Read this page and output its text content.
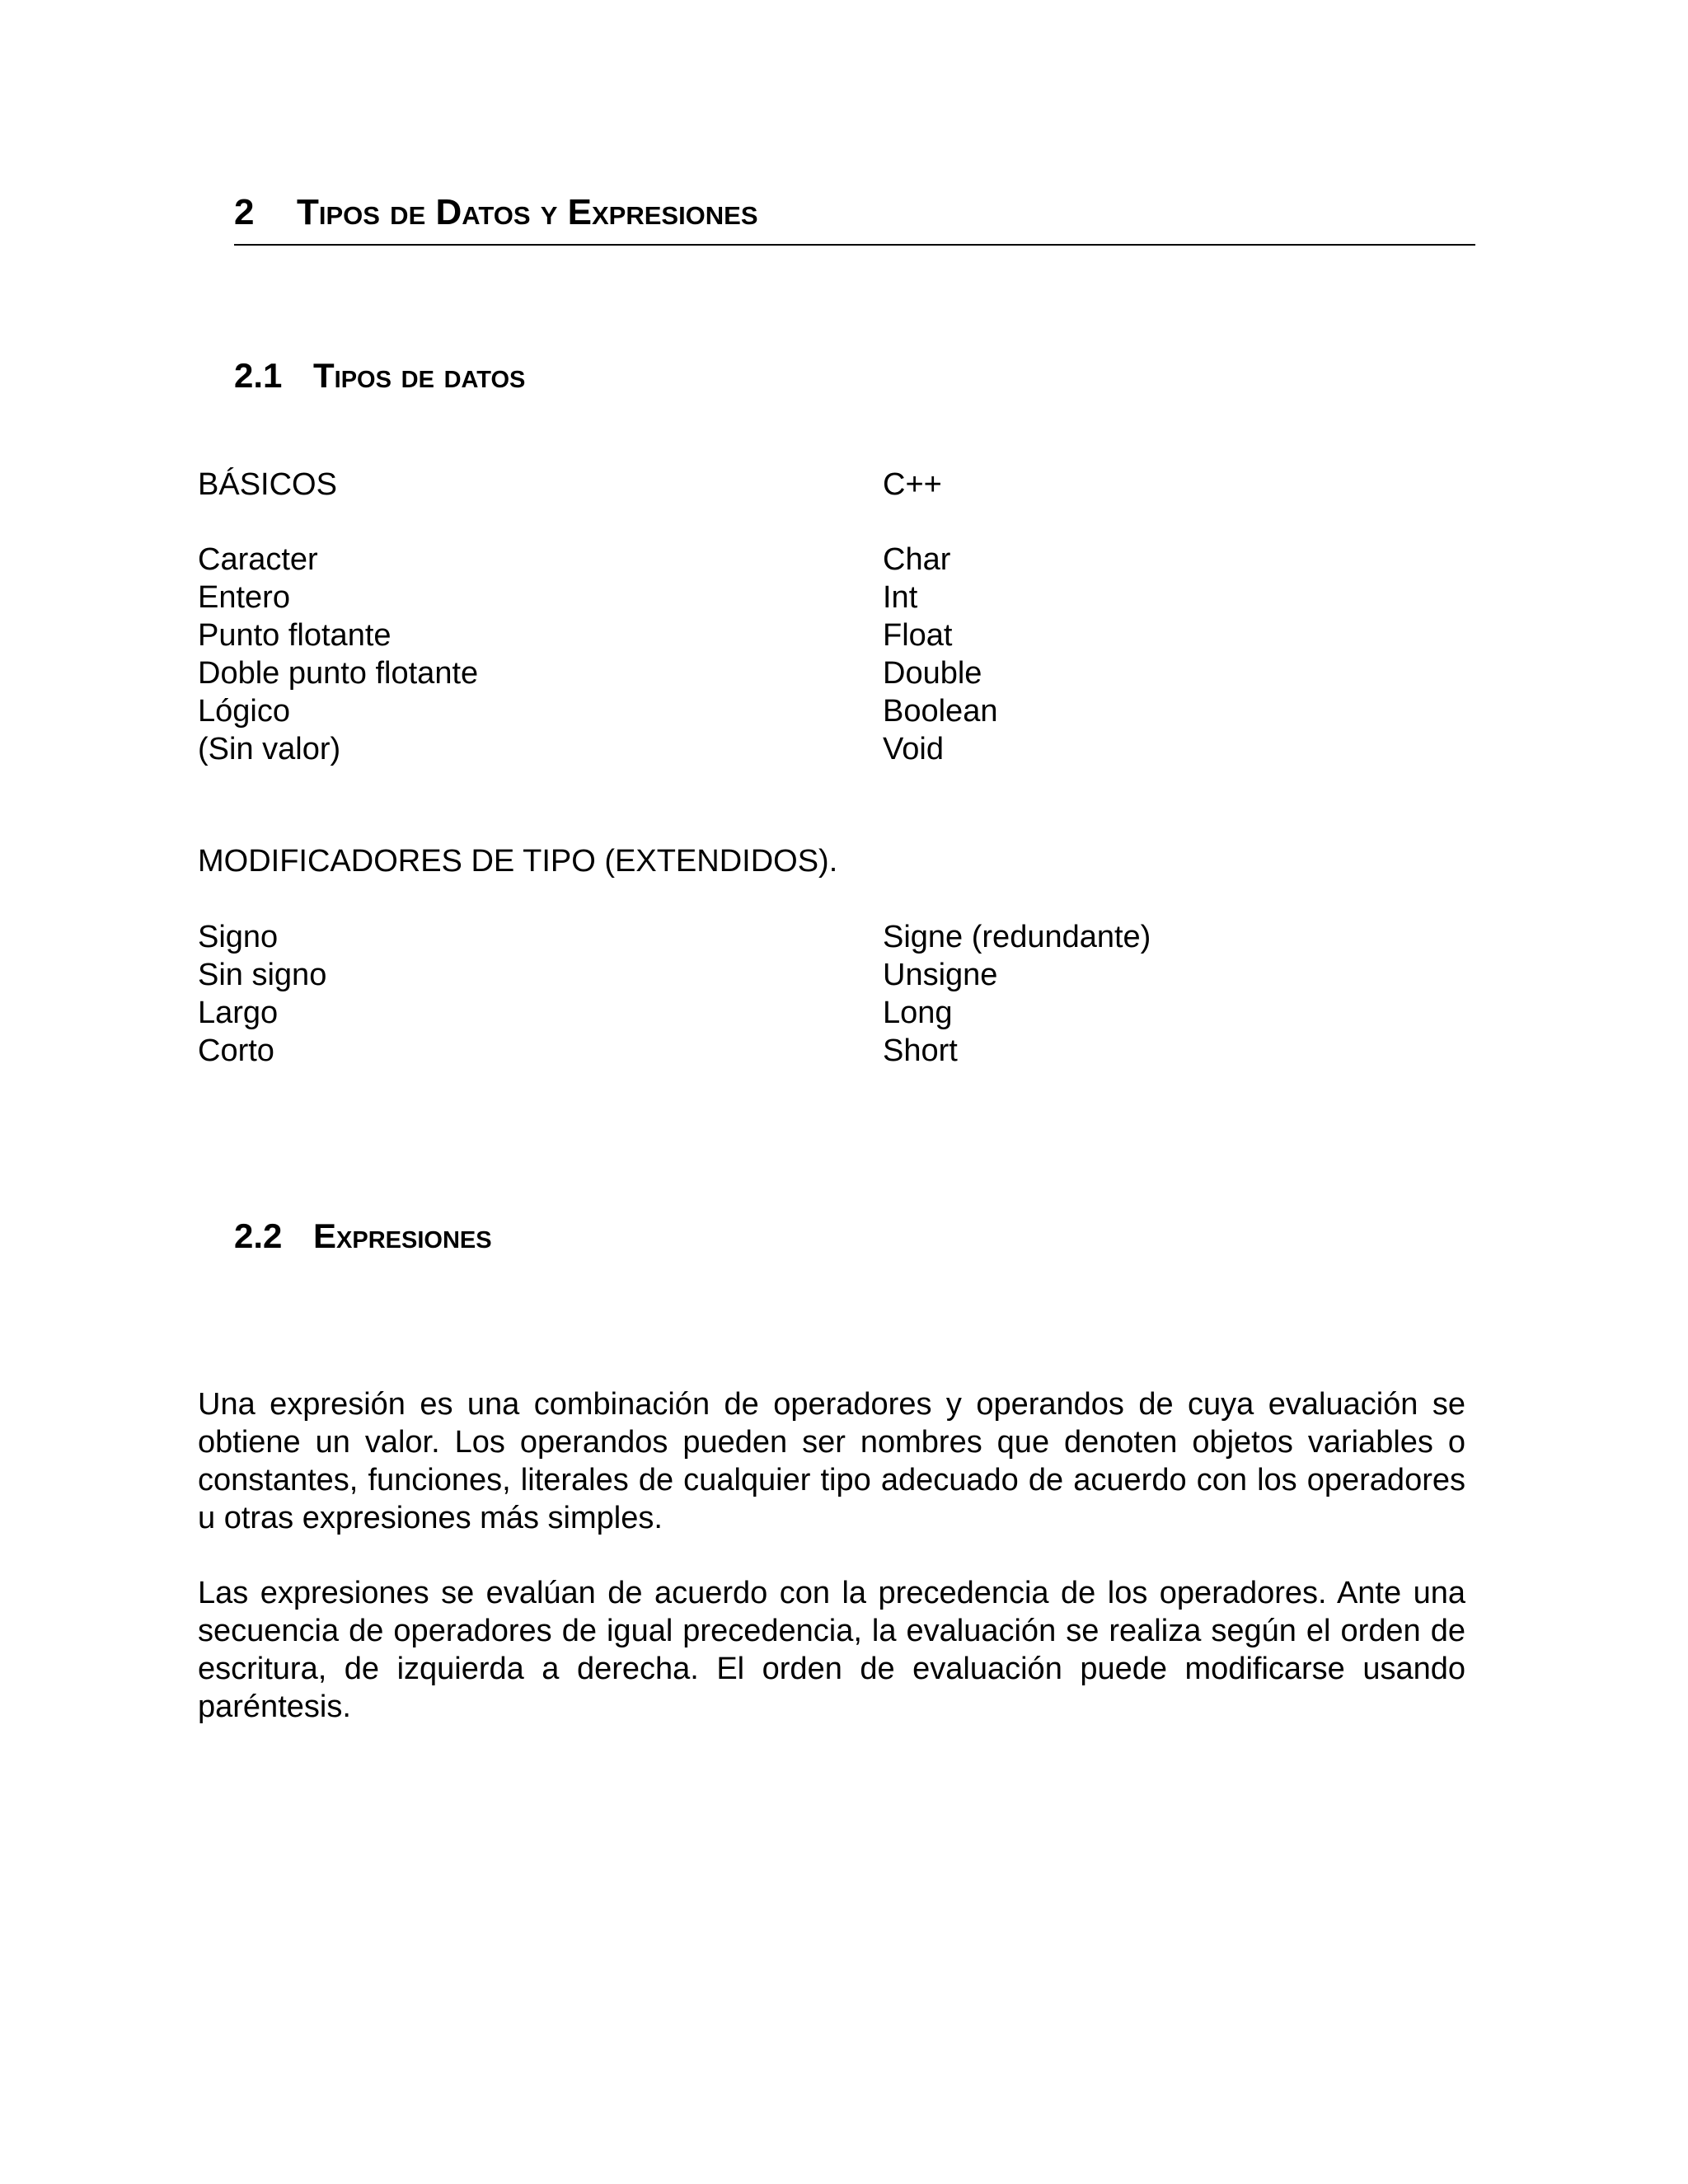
2 Tipos de Datos y Expresiones
2.1 Tipos de datos
BÁSICOS	C++
Caracter
Entero
Punto flotante
Doble punto flotante
Lógico
(Sin valor)
Char
Int
Float
Double
Boolean
Void
MODIFICADORES DE TIPO (EXTENDIDOS).
Signo
Sin signo
Largo
Corto
Signe (redundante)
Unsigne
Long
Short
2.2 Expresiones

Una expresión es una combinación de operadores y operandos de cuya evaluación se obtiene un valor. Los operandos pueden ser nombres que denoten objetos variables o constantes, funciones, literales de cualquier tipo adecuado de acuerdo con los operadores u otras expresiones más simples.

Las expresiones se evalúan de acuerdo con la precedencia de los operadores. Ante una secuencia de operadores de igual precedencia, la evaluación se realiza según el orden de escritura, de izquierda a derecha. El orden de evaluación puede modificarse usando paréntesis.
